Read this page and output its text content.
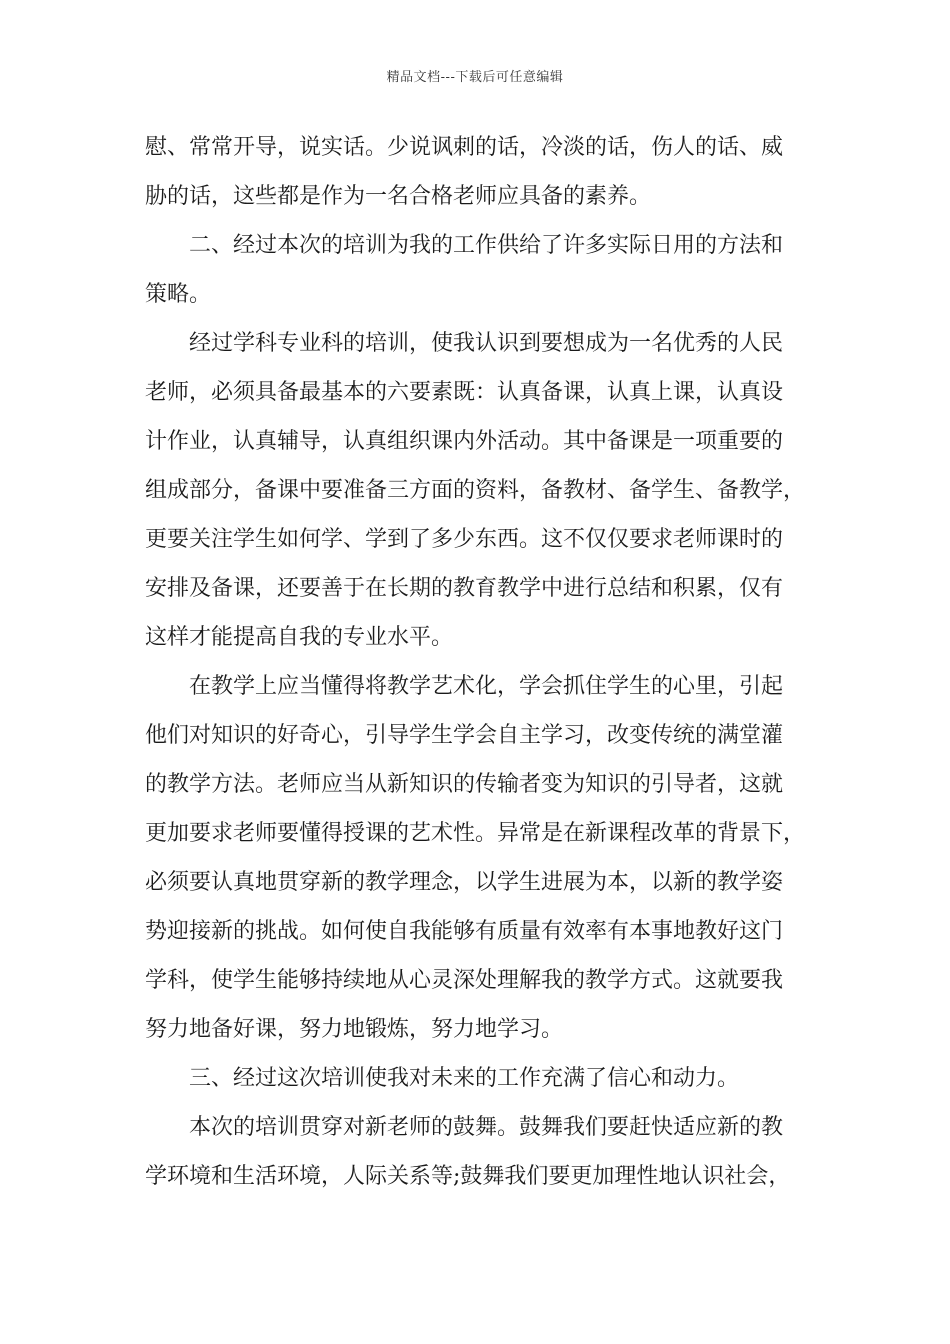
精品文档---下载后可任意编辑
慰、常常开导，说实话。少说讽刺的话，冷淡的话，伤人的话、威
胁的话，这些都是作为一名合格老师应具备的素养。
二、经过本次的培训为我的工作供给了许多实际日用的方法和
策略。
经过学科专业科的培训，使我认识到要想成为一名优秀的人民
老师，必须具备最基本的六要素既：认真备课，认真上课，认真设
计作业，认真辅导，认真组织课内外活动。其中备课是一项重要的
组成部分，备课中要准备三方面的资料，备教材、备学生、备教学，
更要关注学生如何学、学到了多少东西。这不仅仅要求老师课时的
安排及备课，还要善于在长期的教育教学中进行总结和积累，仅有
这样才能提高自我的专业水平。
在教学上应当懂得将教学艺术化，学会抓住学生的心里，引起
他们对知识的好奇心，引导学生学会自主学习，改变传统的满堂灌
的教学方法。老师应当从新知识的传输者变为知识的引导者，这就
更加要求老师要懂得授课的艺术性。异常是在新课程改革的背景下，
必须要认真地贯穿新的教学理念，以学生进展为本，以新的教学姿
势迎接新的挑战。如何使自我能够有质量有效率有本事地教好这门
学科，使学生能够持续地从心灵深处理解我的教学方式。这就要我
努力地备好课，努力地锻炼，努力地学习。
三、经过这次培训使我对未来的工作充满了信心和动力。
本次的培训贯穿对新老师的鼓舞。鼓舞我们要赶快适应新的教
学环境和生活环境，人际关系等;鼓舞我们要更加理性地认识社会，
